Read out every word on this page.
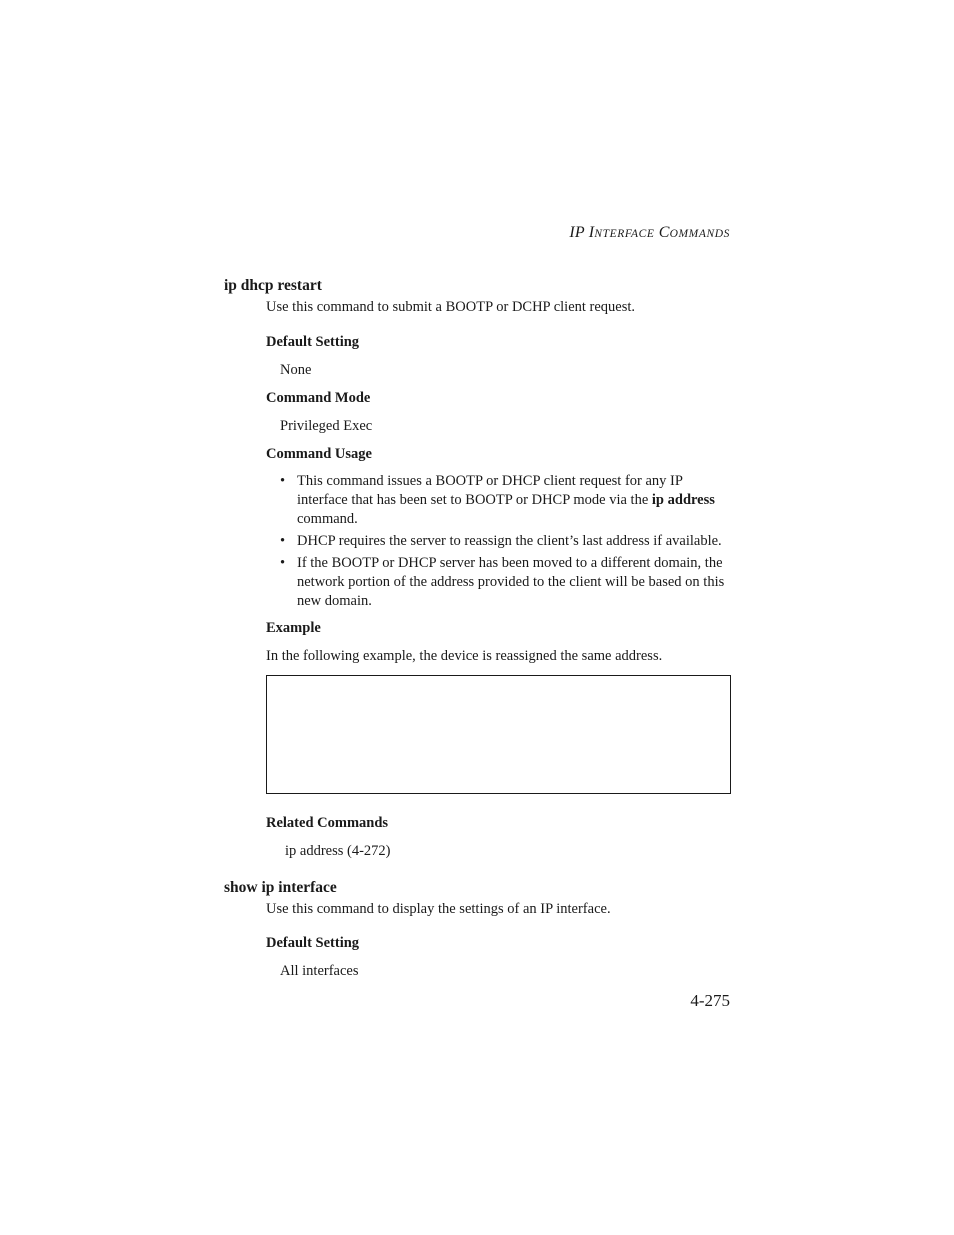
IP INTERFACE COMMANDS
ip dhcp restart
Use this command to submit a BOOTP or DCHP client request.
Default Setting
None
Command Mode
Privileged Exec
Command Usage
• This command issues a BOOTP or DHCP client request for any IP interface that has been set to BOOTP or DHCP mode via the ip address command.
• DHCP requires the server to reassign the client’s last address if available.
• If the BOOTP or DHCP server has been moved to a different domain, the network portion of the address provided to the client will be based on this new domain.
Example
In the following example, the device is reassigned the same address.
Related Commands
ip address (4-272)
show ip interface
Use this command to display the settings of an IP interface.
Default Setting
All interfaces
4-275
